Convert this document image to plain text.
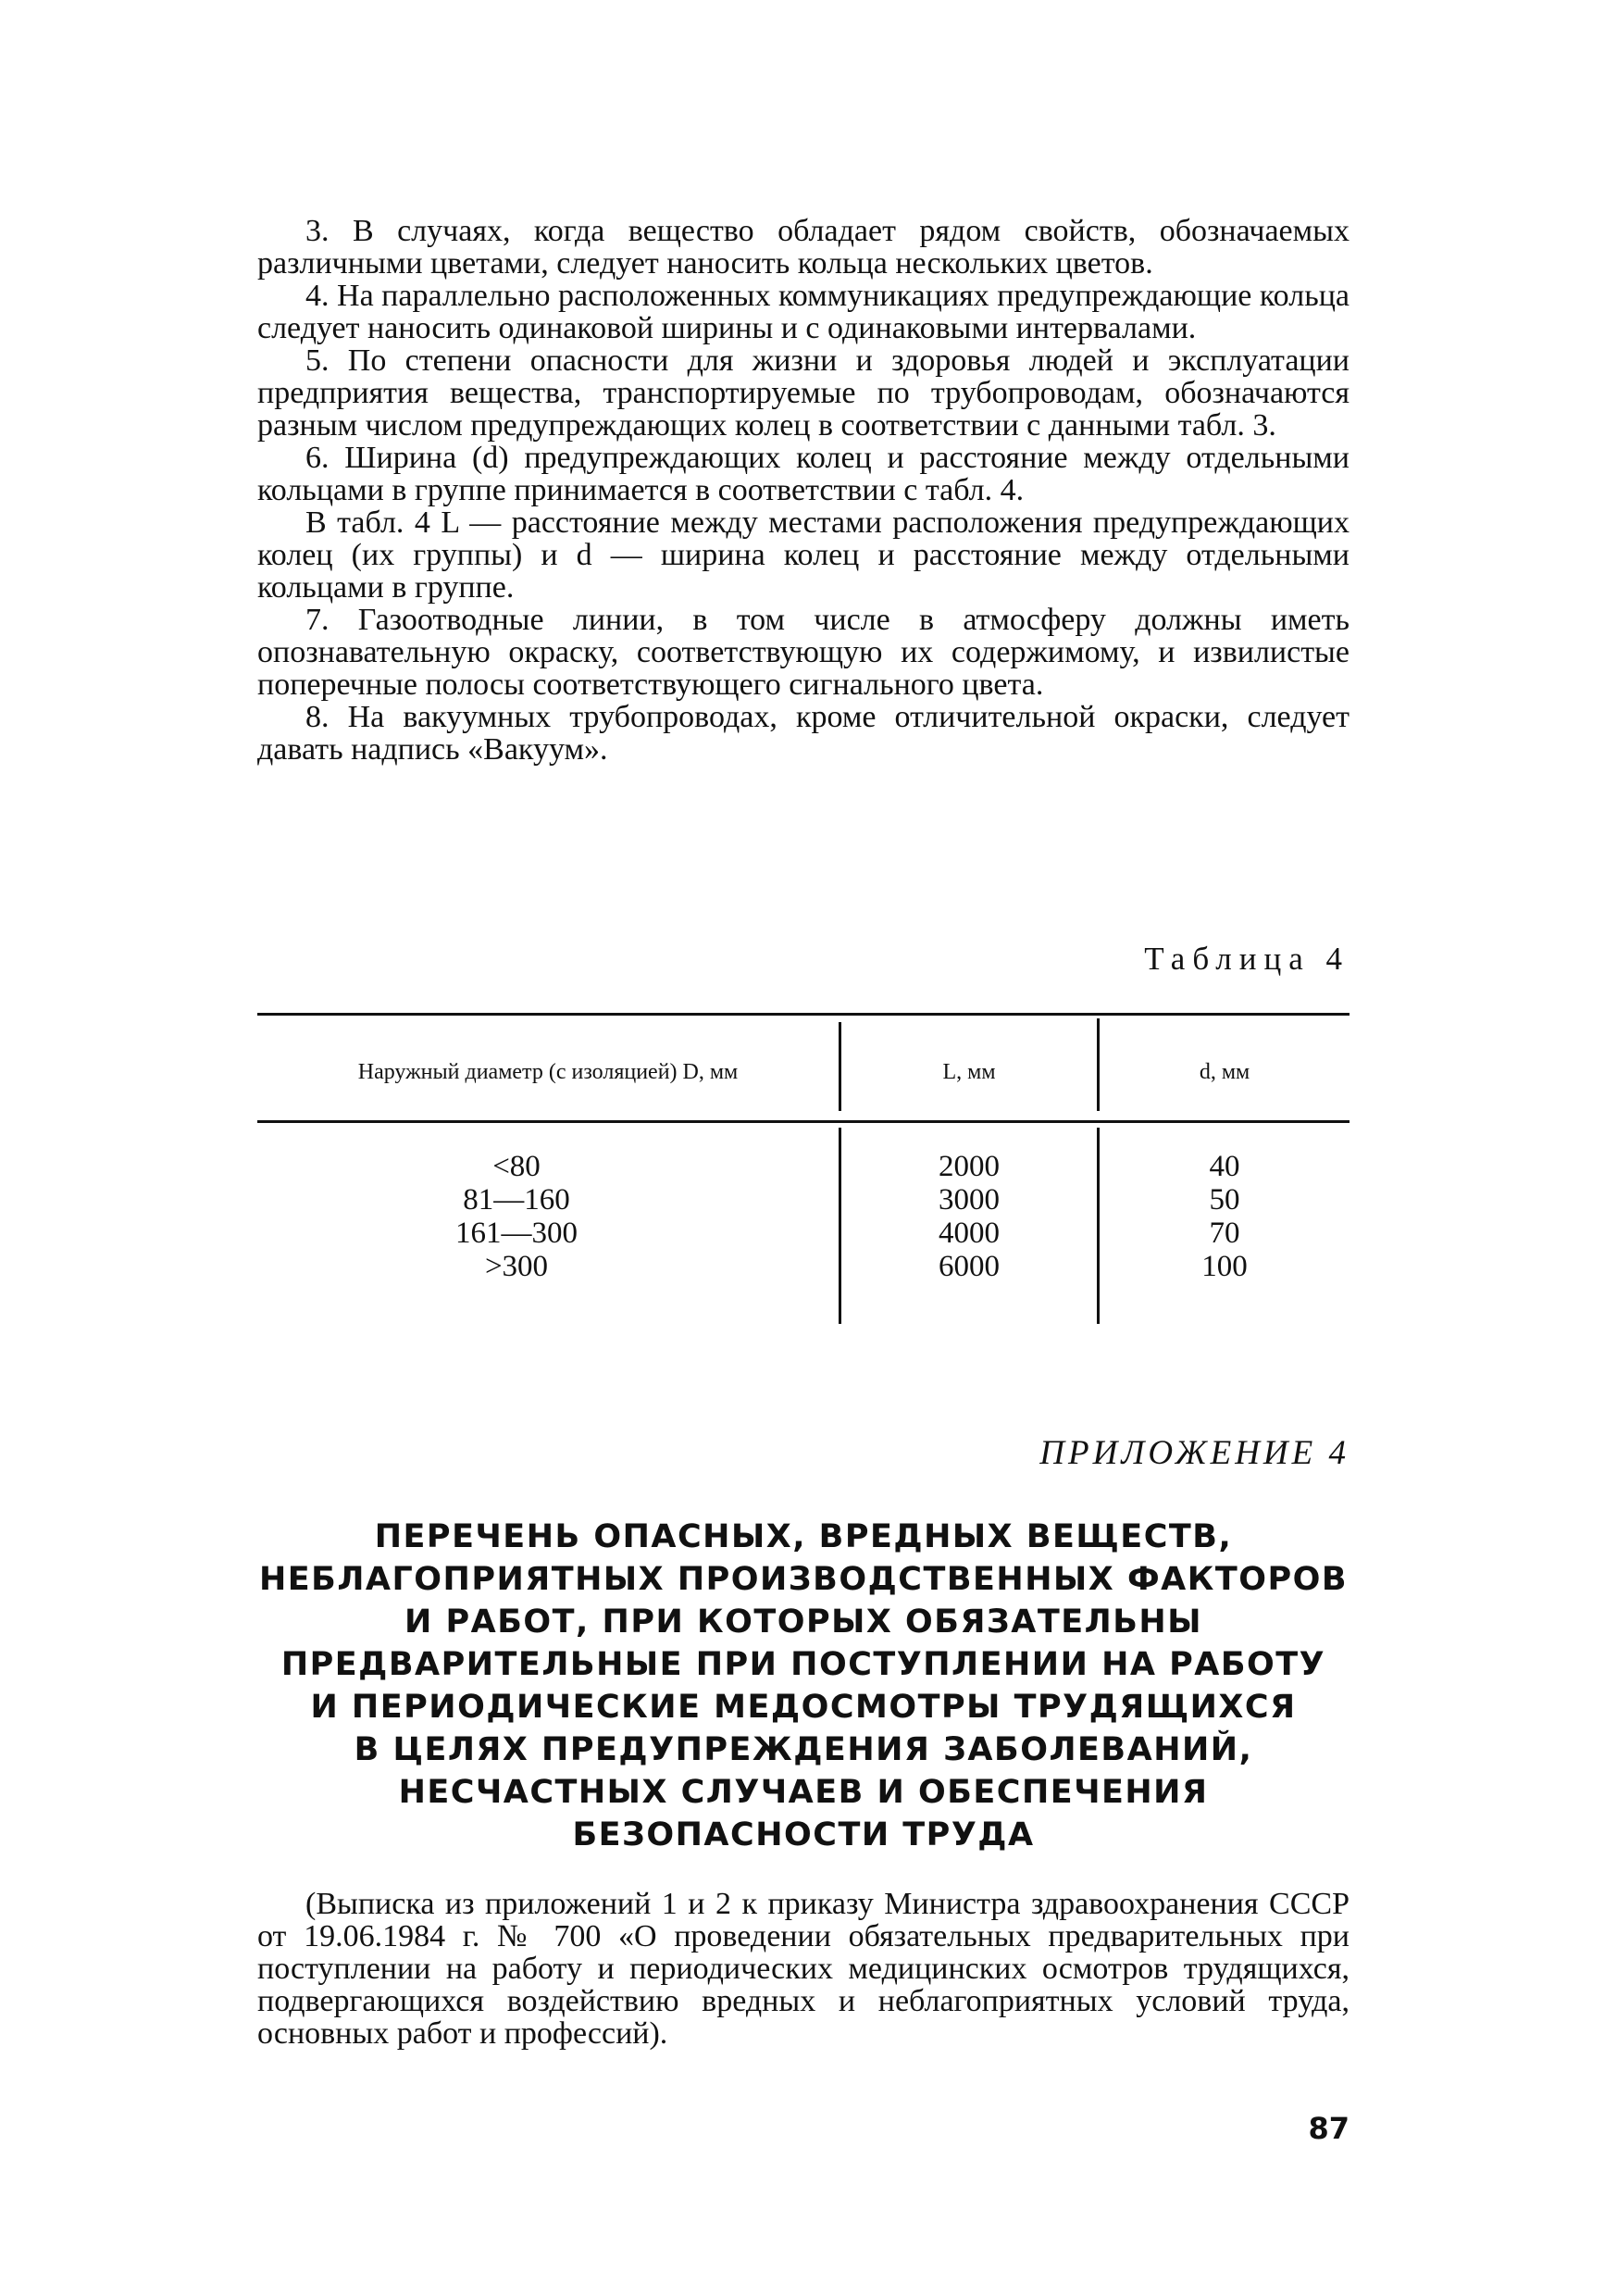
3. В случаях, когда вещество обладает рядом свойств, обозначаемых различными цветами, следует наносить кольца нескольких цветов.

4. На параллельно расположенных коммуникациях предупреждающие кольца следует наносить одинаковой ширины и с одинаковыми интервалами.

5. По степени опасности для жизни и здоровья людей и эксплуатации предприятия вещества, транспортируемые по трубопроводам, обозначаются разным числом предупреждающих колец в соответствии с данными табл. 3.

6. Ширина (d) предупреждающих колец и расстояние между отдельными кольцами в группе принимается в соответствии с табл. 4.

В табл. 4 L — расстояние между местами расположения предупреждающих колец (их группы) и d — ширина колец и расстояние между отдельными кольцами в группе.

7. Газоотводные линии, в том числе в атмосферу должны иметь опознавательную окраску, соответствующую их содержимому, и извилистые поперечные полосы соответствующего сигнального цвета.

8. На вакуумных трубопроводах, кроме отличительной окраски, следует давать надпись «Вакуум».

Таблица 4
Наружный диаметр (с изоляцией) D, мм	L, мм	d, мм
<80
81—160
161—300
>300
2000
3000
4000
6000
40
50
70
100
ПРИЛОЖЕНИЕ 4
ПЕРЕЧЕНЬ ОПАСНЫХ, ВРЕДНЫХ ВЕЩЕСТВ,
НЕБЛАГОПРИЯТНЫХ ПРОИЗВОДСТВЕННЫХ ФАКТОРОВ
И РАБОТ, ПРИ КОТОРЫХ ОБЯЗАТЕЛЬНЫ
ПРЕДВАРИТЕЛЬНЫЕ ПРИ ПОСТУПЛЕНИИ НА РАБОТУ
И ПЕРИОДИЧЕСКИЕ МЕДОСМОТРЫ ТРУДЯЩИХСЯ
В ЦЕЛЯХ ПРЕДУПРЕЖДЕНИЯ ЗАБОЛЕВАНИЙ,
НЕСЧАСТНЫХ СЛУЧАЕВ И ОБЕСПЕЧЕНИЯ
БЕЗОПАСНОСТИ ТРУДА
(Выписка из приложений 1 и 2 к приказу Министра здравоохранения СССР от 19.06.1984 г. № 700 «О проведении обязательных предварительных при поступлении на работу и периодических медицинских осмотров трудящихся, подвергающихся воздействию вредных и неблагоприятных условий труда, основных работ и профессий).
87
